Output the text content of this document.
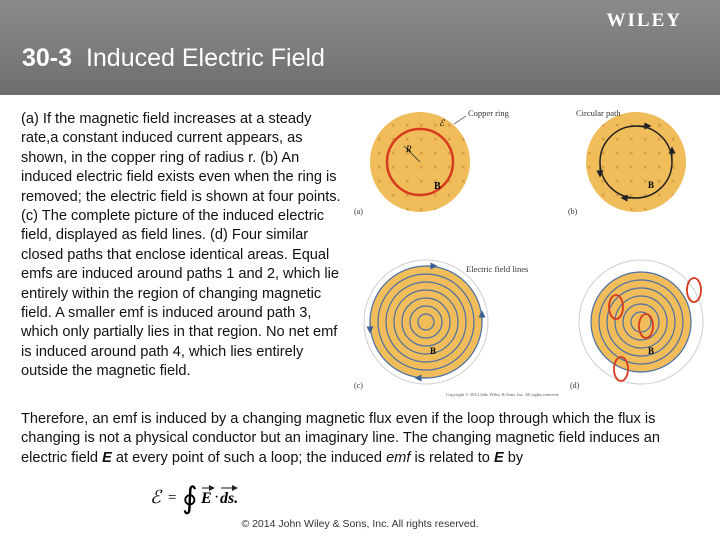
WILEY
30-3 Induced Electric Field
(a) If the magnetic field increases at a steady rate,a constant induced current appears, as shown, in the copper ring of radius r. (b) An induced electric field exists even when the ring is removed; the electric field is shown at four points. (c) The complete picture of the induced electric field, displayed as field lines. (d) Four similar closed paths that enclose identical areas. Equal emfs are induced around paths 1 and 2, which lie entirely within the region of changing magnetic field. A smaller emf is induced around path 3, which only partially lies in that region. No net emf is induced around path 4, which lies entirely outside the magnetic field.
R
B
ℰ
Copper ring
(a)
B
Circular path
(b)
B
Electric field lines
(c)
B
(d)
Copyright © 2014 John Wiley & Sons, Inc. All rights reserved.
Therefore, an emf is induced by a changing magnetic flux even if the loop through which the flux is changing is not a physical conductor but an imaginary line. The changing magnetic field induces an electric field E at every point of such a loop; the induced emf is related to E by
ℰ = ∮ E · ds.
© 2014 John Wiley & Sons, Inc. All rights reserved.
